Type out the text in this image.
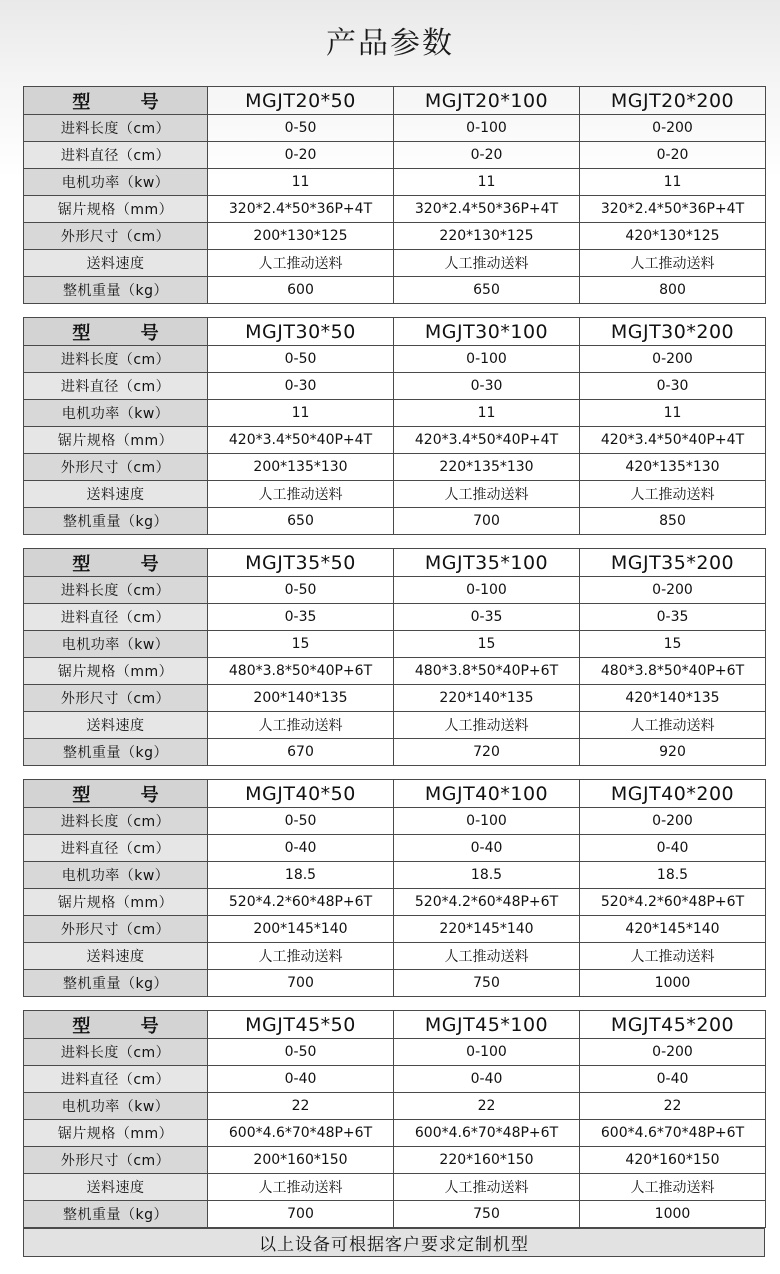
产品参数
型 号	MGJT20*50	MGJT20*100	MGJT20*200
进料长度（cm）	0-50	0-100	0-200
进料直径（cm）	0-20	0-20	0-20
电机功率（kw）	11	11	11
锯片规格（mm）	320*2.4*50*36P+4T	320*2.4*50*36P+4T	320*2.4*50*36P+4T
外形尺寸（cm）	200*130*125	220*130*125	420*130*125
送料速度	人工推动送料	人工推动送料	人工推动送料
整机重量（kg）	600	650	800
型 号	MGJT30*50	MGJT30*100	MGJT30*200
进料长度（cm）	0-50	0-100	0-200
进料直径（cm）	0-30	0-30	0-30
电机功率（kw）	11	11	11
锯片规格（mm）	420*3.4*50*40P+4T	420*3.4*50*40P+4T	420*3.4*50*40P+4T
外形尺寸（cm）	200*135*130	220*135*130	420*135*130
送料速度	人工推动送料	人工推动送料	人工推动送料
整机重量（kg）	650	700	850
型 号	MGJT35*50	MGJT35*100	MGJT35*200
进料长度（cm）	0-50	0-100	0-200
进料直径（cm）	0-35	0-35	0-35
电机功率（kw）	15	15	15
锯片规格（mm）	480*3.8*50*40P+6T	480*3.8*50*40P+6T	480*3.8*50*40P+6T
外形尺寸（cm）	200*140*135	220*140*135	420*140*135
送料速度	人工推动送料	人工推动送料	人工推动送料
整机重量（kg）	670	720	920
型 号	MGJT40*50	MGJT40*100	MGJT40*200
进料长度（cm）	0-50	0-100	0-200
进料直径（cm）	0-40	0-40	0-40
电机功率（kw）	18.5	18.5	18.5
锯片规格（mm）	520*4.2*60*48P+6T	520*4.2*60*48P+6T	520*4.2*60*48P+6T
外形尺寸（cm）	200*145*140	220*145*140	420*145*140
送料速度	人工推动送料	人工推动送料	人工推动送料
整机重量（kg）	700	750	1000
型 号	MGJT45*50	MGJT45*100	MGJT45*200
进料长度（cm）	0-50	0-100	0-200
进料直径（cm）	0-40	0-40	0-40
电机功率（kw）	22	22	22
锯片规格（mm）	600*4.6*70*48P+6T	600*4.6*70*48P+6T	600*4.6*70*48P+6T
外形尺寸（cm）	200*160*150	220*160*150	420*160*150
送料速度	人工推动送料	人工推动送料	人工推动送料
整机重量（kg）	700	750	1000
以上设备可根据客户要求定制机型
